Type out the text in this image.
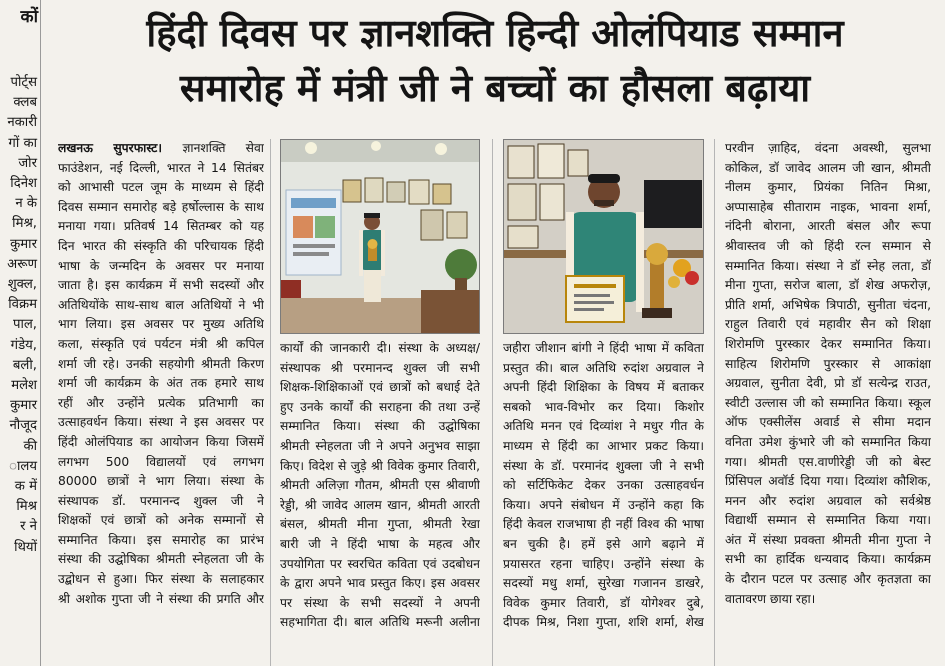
कों
पोर्ट्स
क्लब
नकारी
गों का
जोर
दिनेश
न के
मिश्र,
कुमार
अरूण
शुक्ल,
विक्रम
पाल,
गंडेय,
बली,
मलेश
कुमार
नौजूद
की
ालय
क में
मिश्र
र ने
थियों
हिंदी दिवस पर ज्ञानशक्ति हिन्दी ओलंपियाड सम्मान
समारोह में मंत्री जी ने बच्चों का हौसला बढ़ाया
लखनऊ सुपरफास्ट। ज्ञानशक्ति सेवा
फाउंडेशन, नई दिल्ली, भारत ने 14 सितंबर
को आभासी पटल जूम के माध्यम से हिंदी
दिवस सम्मान समारोह बड़े हर्षोल्लास के साथ
मनाया गया। प्रतिवर्ष 14 सितम्बर को यह
दिन भारत की संस्कृति की परिचायक हिंदी
भाषा के जन्मदिन के अवसर पर मनाया
जाता है। इस कार्यक्रम में सभी सदस्यों और
अतिथियोंके साथ-साथ बाल अतिथियों ने भी
भाग लिया। इस अवसर पर मुख्य अतिथि
कला, संस्कृति एवं पर्यटन मंत्री श्री कपिल
शर्मा जी रहे। उनकी सहयोगी श्रीमती किरण
शर्मा जी कार्यक्रम के अंत तक हमारे साथ
रहीं और उन्होंने प्रत्येक प्रतिभागी का
उत्साहवर्धन किया। संस्था ने इस अवसर पर
हिंदी ओलंपियाड का आयोजन किया जिसमें
लगभग 500 विद्यालयों एवं लगभग
80000 छात्रों ने भाग लिया। संस्था के
संस्थापक डॉ. परमानन्द शुक्ल जी ने
शिक्षकों एवं छात्रों को अनेक सम्मानों से
सम्मानित किया। इस समारोह का प्रारंभ
संस्था की उद्घोषिका श्रीमती स्नेहलता जी के
उद्बोधन से हुआ। फिर संस्था के सलाहकार
श्री अशोक गुप्ता जी ने संस्था की प्रगति और
कार्यों की जानकारी दी। संस्था के अध्यक्ष/
संस्थापक श्री परमानन्द शुक्ल जी सभी
शिक्षक-शिक्षिकाओं एवं छात्रों को बधाई देते
हुए उनके कार्यों की सराहना की तथा उन्हें
सम्मानित किया। संस्था की उद्घोषिका
श्रीमती स्नेहलता जी ने अपने अनुभव साझा
किए। विदेश से जुड़े श्री विवेक कुमार तिवारी,
श्रीमती अलिज़ा गौतम, श्रीमती एस श्रीवाणी
रेड्डी, श्री जावेद आलम खान, श्रीमती आरती
बंसल, श्रीमती मीना गुप्ता, श्रीमती रेखा
बारी जी ने हिंदी भाषा के महत्व और
उपयोगिता पर स्वरचित कविता एवं उदबोधन
के द्वारा अपने भाव प्रस्तुत किए। इस अवसर
पर संस्था के सभी सदस्यों ने अपनी
सहभागिता दी। बाल अतिथि मरूनी अलीना
जहीरा जीशान बांगी ने हिंदी भाषा में कविता
प्रस्तुत की। बाल अतिथि रुदांश अग्रवाल ने
अपनी हिंदी शिक्षिका के विषय में बताकर
सबको भाव-विभोर कर दिया। किशोर
अतिथि मनन एवं दिव्यांश ने मधुर गीत के
माध्यम से हिंदी का आभार प्रकट किया।
संस्था के डॉ. परमानंद शुक्ला जी ने सभी
को सर्टिफिकेट देकर उनका उत्साहवर्धन
किया। अपने संबोधन में उन्होंने कहा कि
हिंदी केवल राजभाषा ही नहीं विश्व की भाषा
बन चुकी है। हमें इसे आगे बढ़ाने में
प्रयासरत रहना चाहिए। उन्होंने संस्था के
सदस्यों मधु शर्मा, सुरेखा गजानन डाखरे,
विवेक कुमार तिवारी, डॉ योगेश्वर दुबे,
दीपक मिश्र, निशा गुप्ता, शशि शर्मा, शेख
परवीन ज़ाहिद, वंदना अवस्थी, सुलभा
कोकिल, डॉ जावेद आलम जी खान, श्रीमती
नीलम कुमार, प्रियंका नितिन मिश्रा,
अप्पासाहेब सीताराम नाइक, भावना शर्मा,
नंदिनी बोराना, आरती बंसल और रूपा
श्रीवास्तव जी को हिंदी रत्न सम्मान से
सम्मानित किया। संस्था ने डॉ स्नेह लता, डॉ
मीना गुप्ता, सरोज बाला, डॉ शेख अफरोज़,
प्रीति शर्मा, अभिषेक त्रिपाठी, सुनीता चंदना,
राहुल तिवारी एवं महावीर सैन को शिक्षा
शिरोमणि पुरस्कार देकर सम्मानित किया।
साहित्य शिरोमणि पुरस्कार से आकांक्षा
अग्रवाल, सुनीता देवी, प्रो डॉ सत्येन्द्र राउत,
स्वीटी उल्लास जी को सम्मानित किया। स्कूल
ऑफ एक्सीलेंस अवार्ड से सीमा मदान
वनिता उमेश कुंभारे जी को सम्मानित किया
गया। श्रीमती एस.वाणीरेड्डी जी को बेस्ट
प्रिंसिपल अवॉर्ड दिया गया। दिव्यांश कौशिक,
मनन और रुदांश अग्रवाल को सर्वश्रेष्ठ
विद्यार्थी सम्मान से सम्मानित किया गया।
अंत में संस्था प्रवक्ता श्रीमती मीना गुप्ता ने
सभी का हार्दिक धन्यवाद किया। कार्यक्रम
के दौरान पटल पर उत्साह और कृतज्ञता का
वातावरण छाया रहा।
